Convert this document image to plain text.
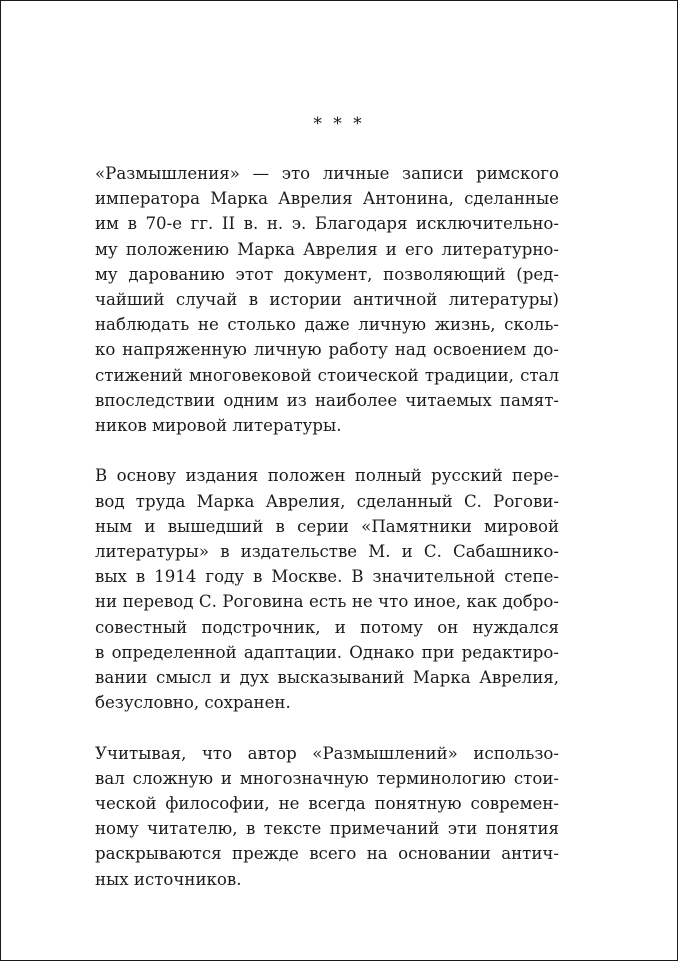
* * *
«Размышления» — это личные записи римского
императора Марка Аврелия Антонина, сделанные
им в 70-е гг. II в. н. э. Благодаря исключительно-
му положению Марка Аврелия и его литературно-
му дарованию этот документ, позволяющий (ред-
чайший случай в истории античной литературы)
наблюдать не столько даже личную жизнь, сколь-
ко напряженную личную работу над освоением до-
стижений многовековой стоической традиции, стал
впоследствии одним из наиболее читаемых памят-
ников мировой литературы.
В основу издания положен полный русский пере-
вод труда Марка Аврелия, сделанный С. Рогови-
ным и вышедший в серии «Памятники мировой
литературы» в издательстве М. и С. Сабашнико-
вых в 1914 году в Москве. В значительной степе-
ни перевод С. Роговина есть не что иное, как добро-
совестный подстрочник, и потому он нуждался
в определенной адаптации. Однако при редактиро-
вании смысл и дух высказываний Марка Аврелия,
безусловно, сохранен.
Учитывая, что автор «Размышлений» использо-
вал сложную и многозначную терминологию стои-
ческой философии, не всегда понятную современ-
ному читателю, в тексте примечаний эти понятия
раскрываются прежде всего на основании антич-
ных источников.
